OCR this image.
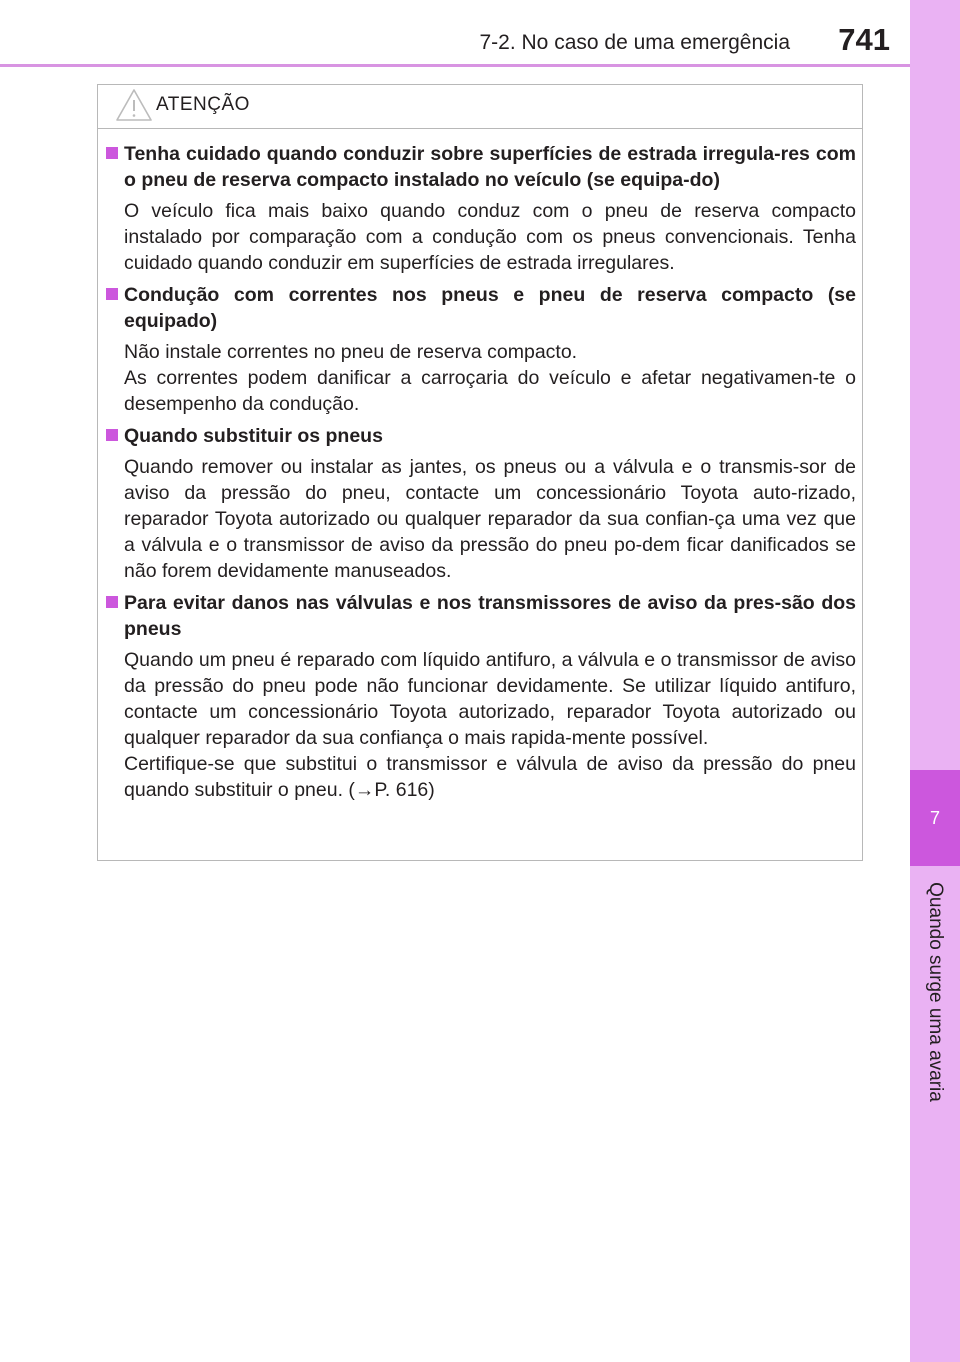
7-2. No caso de uma emergência	741
7
Quando surge uma avaria
ATENÇÃO
Tenha cuidado quando conduzir sobre superfícies de estrada irregula-res com o pneu de reserva compacto instalado no veículo (se equipa-do)
O veículo fica mais baixo quando conduz com o pneu de reserva compacto instalado por comparação com a condução com os pneus convencionais. Tenha cuidado quando conduzir em superfícies de estrada irregulares.
Condução com correntes nos pneus e pneu de reserva compacto (se equipado)
Não instale correntes no pneu de reserva compacto.
As correntes podem danificar a carroçaria do veículo e afetar negativamen-te o desempenho da condução.
Quando substituir os pneus
Quando remover ou instalar as jantes, os pneus ou a válvula e o transmis-sor de aviso da pressão do pneu, contacte um concessionário Toyota auto-rizado, reparador Toyota autorizado ou qualquer reparador da sua confian-ça uma vez que a válvula e o transmissor de aviso da pressão do pneu po-dem ficar danificados se não forem devidamente manuseados.
Para evitar danos nas válvulas e nos transmissores de aviso da pres-são dos pneus
Quando um pneu é reparado com líquido antifuro, a válvula e o transmissor de aviso da pressão do pneu pode não funcionar devidamente. Se utilizar líquido antifuro, contacte um concessionário Toyota autorizado, reparador Toyota autorizado ou qualquer reparador da sua confiança o mais rapida-mente possível.
Certifique-se que substitui o transmissor e válvula de aviso da pressão do pneu quando substituir o pneu. (→P. 616)
